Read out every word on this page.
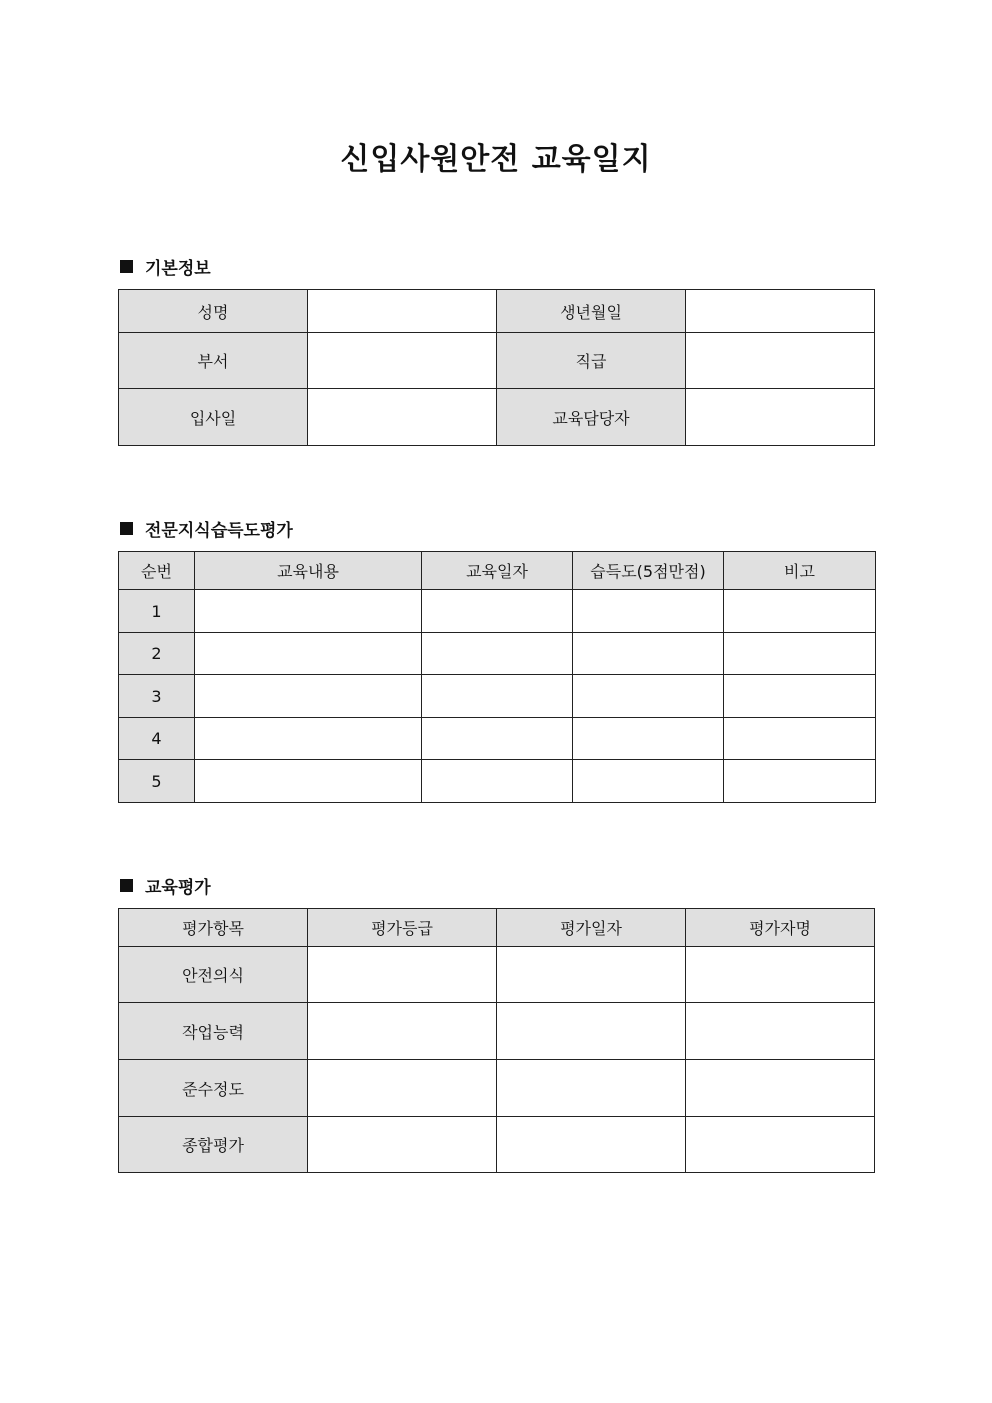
신입사원안전 교육일지
기본정보
성명		생년월일	
부서		직급	
입사일		교육담당자	
전문지식습득도평가
순번	교육내용	교육일자	습득도(5점만점)	비고
1				
2				
3				
4				
5				
교육평가
평가항목	평가등급	평가일자	평가자명
안전의식			
작업능력			
준수정도			
종합평가			
